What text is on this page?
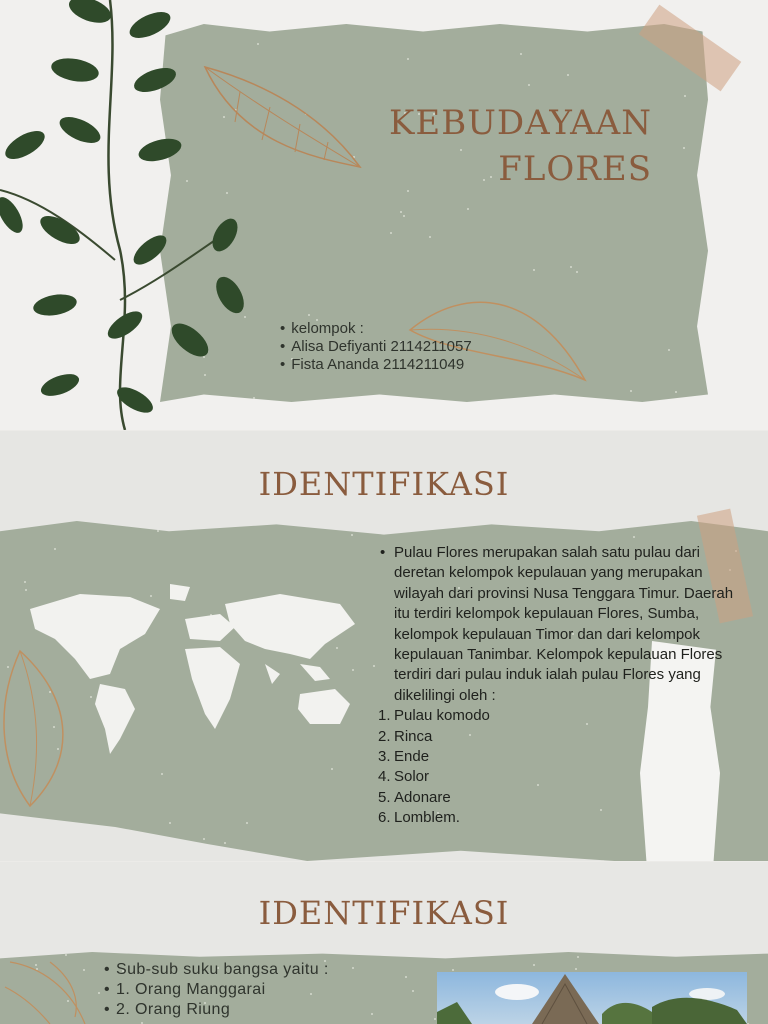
KEBUDAYAAN
FLORES
• kelompok :
• Alisa Defiyanti 2114211057
• Fista Ananda 2114211049
IDENTIFIKASI
• Pulau Flores merupakan salah satu pulau dari deretan kelompok kepulauan yang merupakan wilayah dari provinsi Nusa Tenggara Timur. Daerah itu terdiri kelompok kepulauan Flores, Sumba, kelompok kepulauan Timor dan dari kelompok kepulauan Tanimbar. Kelompok kepulauan Flores terdiri dari pulau induk ialah pulau Flores yang dikelilingi oleh :
1. Pulau komodo
2. Rinca
3. Ende
4. Solor
5. Adonare
6. Lomblem.
IDENTIFIKASI
• Sub-sub suku bangsa yaitu :
• 1. Orang Manggarai
• 2. Orang Riung
